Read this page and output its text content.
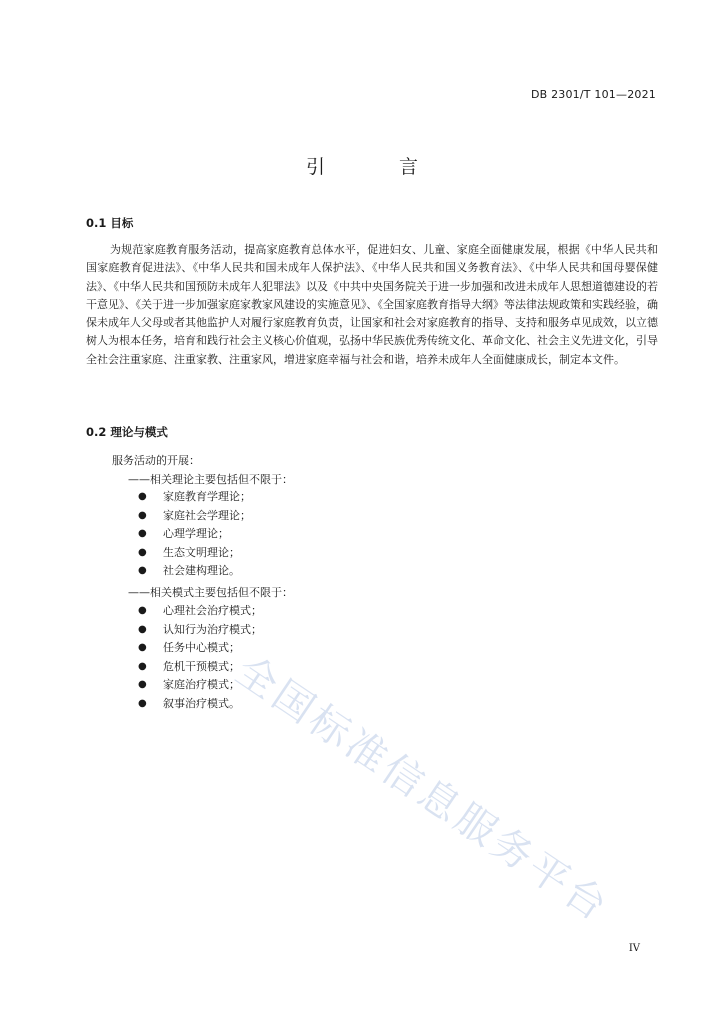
DB 2301/T 101—2021
引 言
0.1 目标

为规范家庭教育服务活动，提高家庭教育总体水平，促进妇女、儿童、家庭全面健康发展，根据《中华人民共和国家庭教育促进法》、《中华人民共和国未成年人保护法》、《中华人民共和国义务教育法》、《中华人民共和国母婴保健法》、《中华人民共和国预防未成年人犯罪法》以及《中共中央国务院关于进一步加强和改进未成年人思想道德建设的若干意见》、《关于进一步加强家庭家教家风建设的实施意见》、《全国家庭教育指导大纲》等法律法规政策和实践经验，确保未成年人父母或者其他监护人对履行家庭教育负责，让国家和社会对家庭教育的指导、支持和服务卓见成效，以立德树人为根本任务，培育和践行社会主义核心价值观，弘扬中华民族优秀传统文化、革命文化、社会主义先进文化，引导全社会注重家庭、注重家教、注重家风，增进家庭幸福与社会和谐，培养未成年人全面健康成长，制定本文件。

0.2 理论与模式
服务活动的开展：
——相关理论主要包括但不限于：
● 家庭教育学理论；
● 家庭社会学理论；
● 心理学理论；
● 生态文明理论；
● 社会建构理论。
——相关模式主要包括但不限于：
● 心理社会治疗模式；
● 认知行为治疗模式；
● 任务中心模式；
● 危机干预模式；
● 家庭治疗模式；
● 叙事治疗模式。
全国标准信息服务平台
IV
